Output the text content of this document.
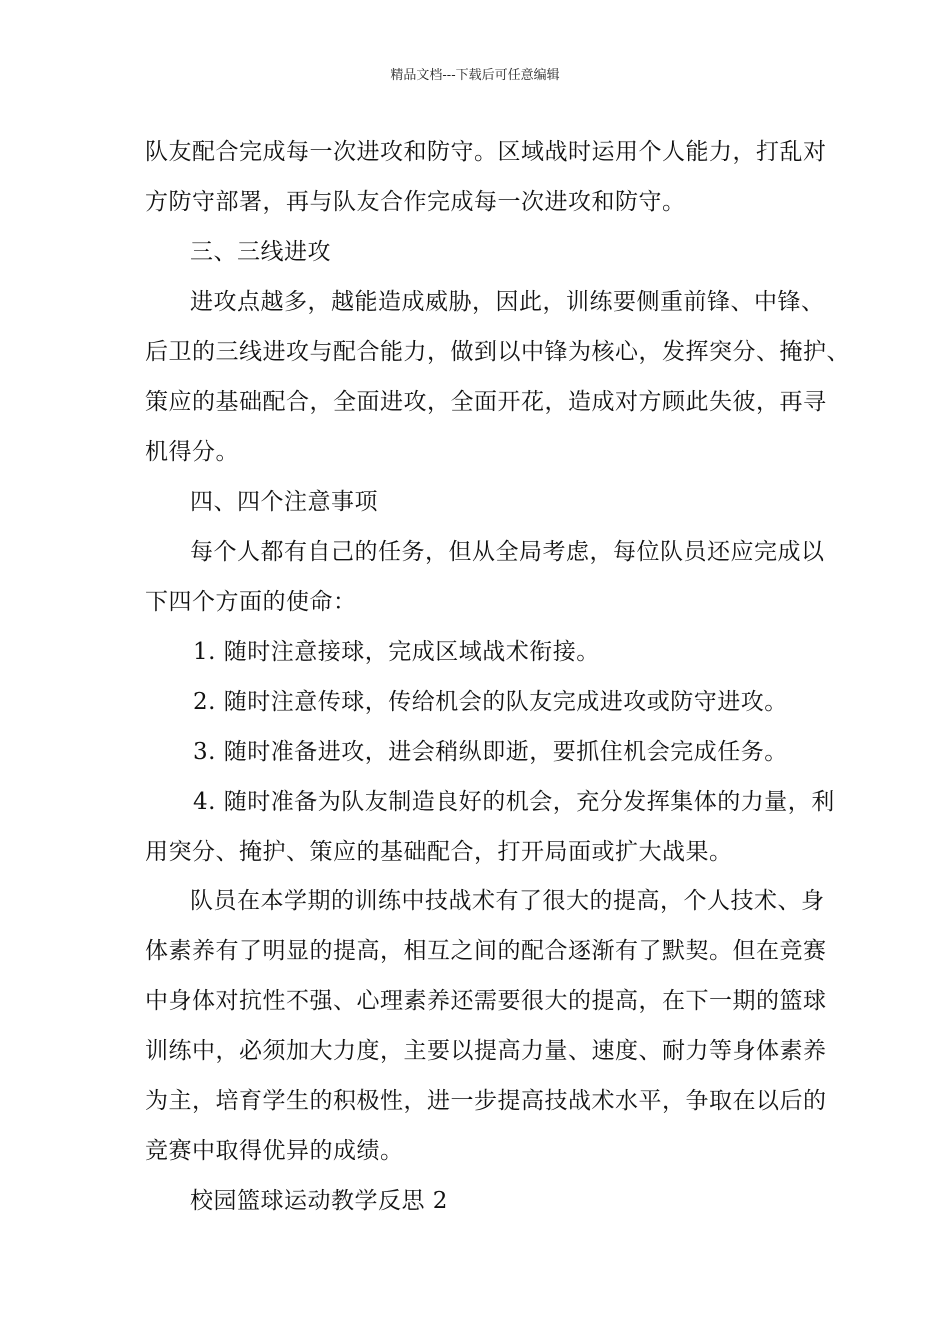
精品文档---下载后可任意编辑
队友配合完成每一次进攻和防守。区域战时运用个人能力，打乱对
方防守部署，再与队友合作完成每一次进攻和防守。
三、三线进攻
进攻点越多，越能造成威胁，因此，训练要侧重前锋、中锋、
后卫的三线进攻与配合能力，做到以中锋为核心，发挥突分、掩护、
策应的基础配合，全面进攻，全面开花，造成对方顾此失彼，再寻
机得分。
四、四个注意事项
每个人都有自己的任务，但从全局考虑，每位队员还应完成以
下四个方面的使命：
1. 随时注意接球，完成区域战术衔接。
2. 随时注意传球，传给机会的队友完成进攻或防守进攻。
3. 随时准备进攻，进会稍纵即逝，要抓住机会完成任务。
4. 随时准备为队友制造良好的机会，充分发挥集体的力量，利
用突分、掩护、策应的基础配合，打开局面或扩大战果。
队员在本学期的训练中技战术有了很大的提高，个人技术、身
体素养有了明显的提高，相互之间的配合逐渐有了默契。但在竞赛
中身体对抗性不强、心理素养还需要很大的提高，在下一期的篮球
训练中，必须加大力度，主要以提高力量、速度、耐力等身体素养
为主，培育学生的积极性，进一步提高技战术水平，争取在以后的
竞赛中取得优异的成绩。
校园篮球运动教学反思 2
